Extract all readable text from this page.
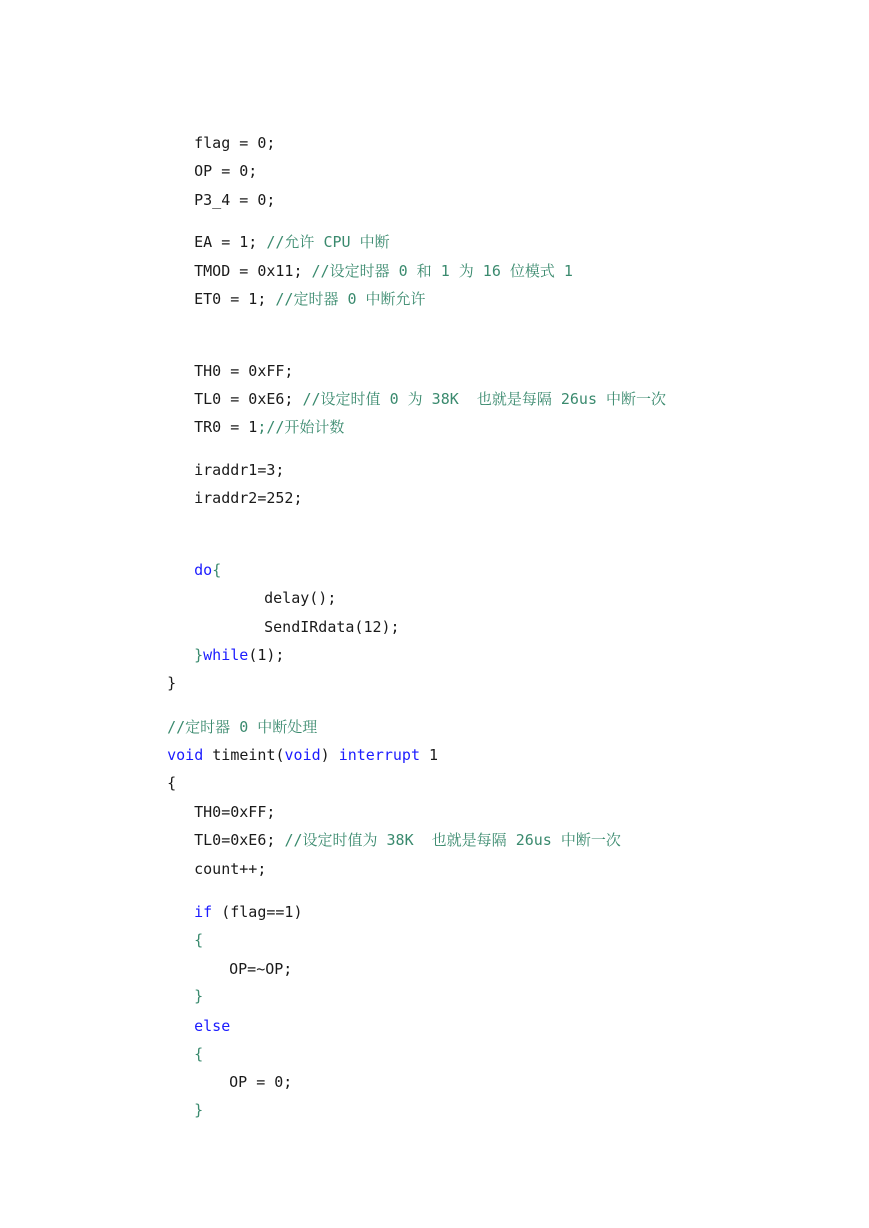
flag = 0;

OP = 0;

P3_4 = 0;

EA = 1; //允许 CPU 中断

TMOD = 0x11; //设定时器 0 和 1 为 16 位模式 1

ET0 = 1; //定时器 0 中断允许

TH0 = 0xFF;

TL0 = 0xE6; //设定时值 0 为 38K  也就是每隔 26us 中断一次

TR0 = 1;//开始计数

iraddr1=3;

iraddr2=252;

do{

delay();

SendIRdata(12);

}while(1);

}

//定时器 0 中断处理

void timeint(void) interrupt 1

{

TH0=0xFF;

TL0=0xE6; //设定时值为 38K  也就是每隔 26us 中断一次

count++;

if (flag==1)

{

OP=~OP;

}

else

{

OP = 0;

}
